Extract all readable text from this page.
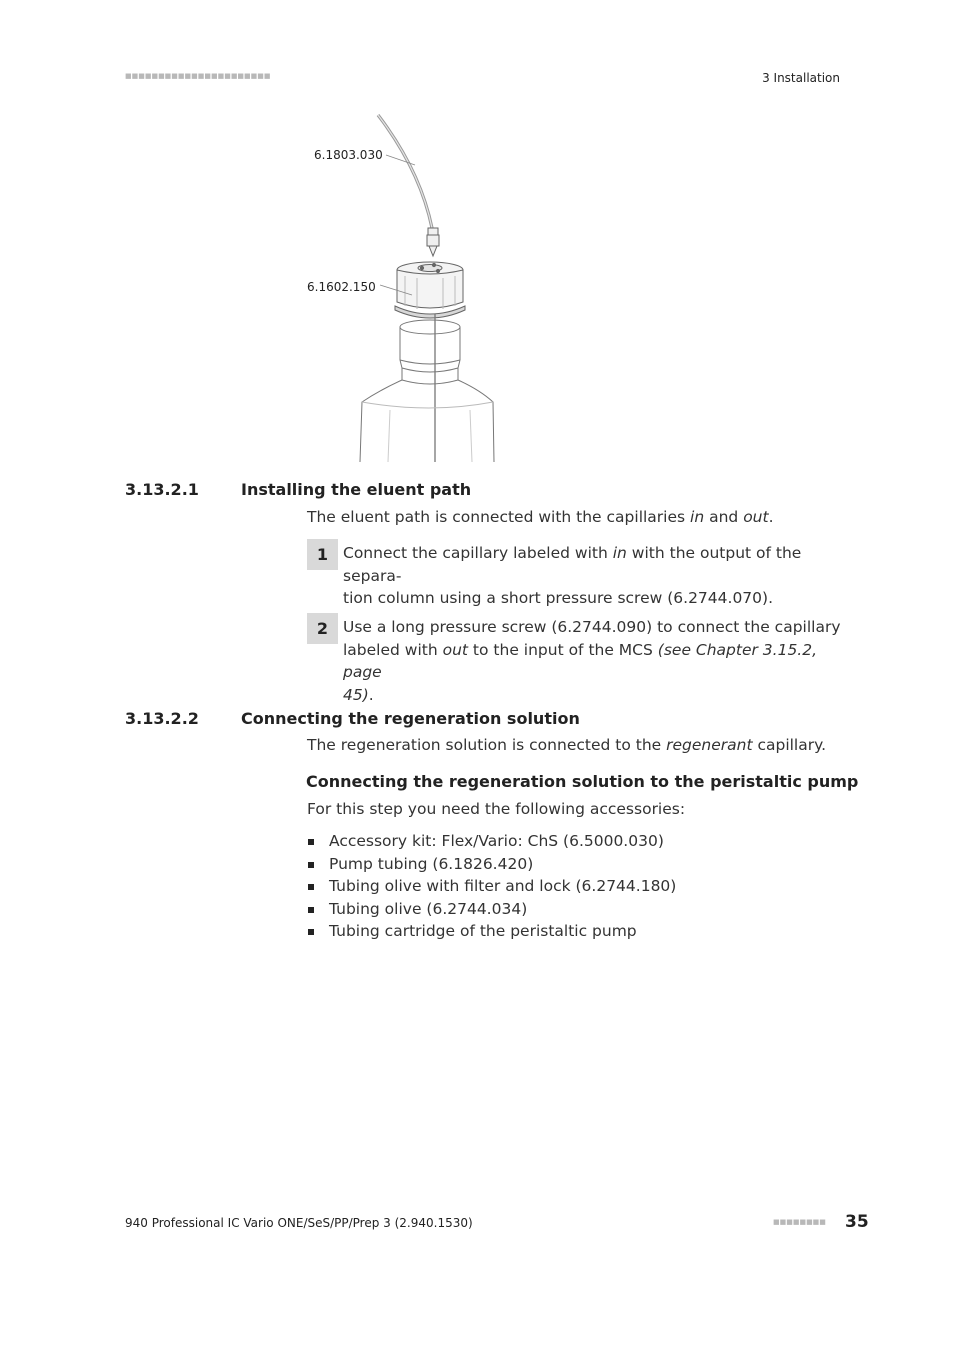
■■■■■■■■■■■■■■■■■■■■■■	3 Installation
6.1803.030
6.1602.150
3.13.2.1	Installing the eluent path
The eluent path is connected with the capillaries in and out.
1 Connect the capillary labeled with in with the output of the separa-
tion column using a short pressure screw (6.2744.070).
2 Use a long pressure screw (6.2744.090) to connect the capillary
labeled with out to the input of the MCS (see Chapter 3.15.2, page
45).
3.13.2.2	Connecting the regeneration solution
The regeneration solution is connected to the regenerant capillary.
Connecting the regeneration solution to the peristaltic pump
For this step you need the following accessories:
Accessory kit: Flex/Vario: ChS (6.5000.030)
Pump tubing (6.1826.420)
Tubing olive with filter and lock (6.2744.180)
Tubing olive (6.2744.034)
Tubing cartridge of the peristaltic pump
940 Professional IC Vario ONE/SeS/PP/Prep 3 (2.940.1530)	■■■■■■■■ 35
